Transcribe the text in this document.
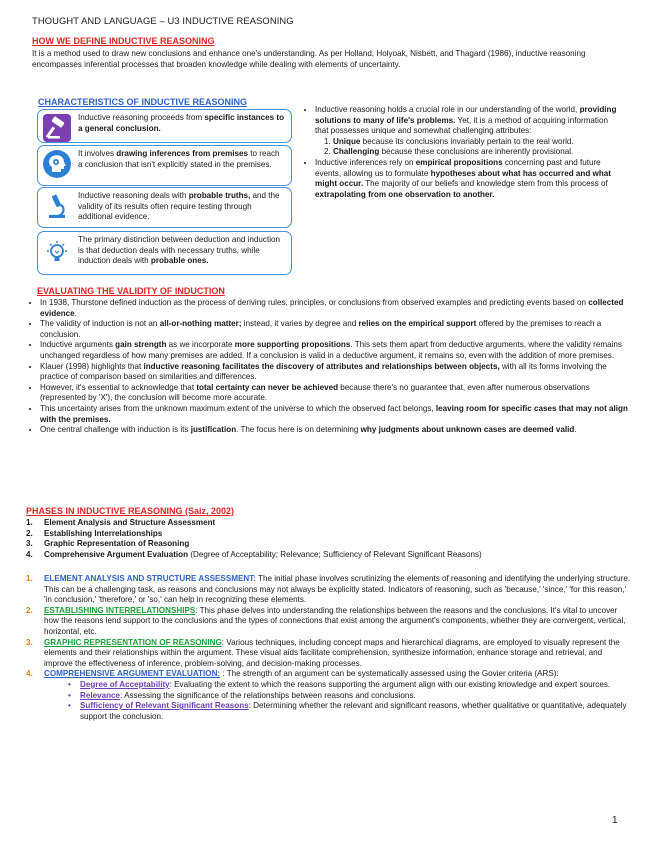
THOUGHT AND LANGUAGE – U3 INDUCTIVE REASONING
HOW WE DEFINE INDUCTIVE REASONING
It is a method used to draw new conclusions and enhance one's understanding. As per Holland, Holyoak, Nisbett, and Thagard (1986), inductive reasoning encompasses inferential processes that broaden knowledge while dealing with elements of uncertainty.
CHARACTERISTICS OF INDUCTIVE REASONING
Inductive reasoning proceeds from specific instances to a general conclusion.
It involves drawing inferences from premises to reach a conclusion that isn't explicitly stated in the premises.
Inductive reasoning deals with probable truths, and the validity of its results often require testing through additional evidence.
The primary distinction between deduction and induction is that deduction deals with necessary truths, while induction deals with probable ones.
• Inductive reasoning holds a crucial role in our understanding of the world, providing solutions to many of life's problems. Yet, it is a method of acquiring information that possesses unique and somewhat challenging attributes:
1. Unique because its conclusions invariably pertain to the real world.
2. Challenging because these conclusions are inherently provisional.
• Inductive inferences rely on empirical propositions concerning past and future events, allowing us to formulate hypotheses about what has occurred and what might occur. The majority of our beliefs and knowledge stem from this process of extrapolating from one observation to another.
EVALUATING THE VALIDITY OF INDUCTION
• In 1938, Thurstone defined induction as the process of deriving rules, principles, or conclusions from observed examples and predicting events based on collected evidence.
• The validity of induction is not an all-or-nothing matter; instead, it varies by degree and relies on the empirical support offered by the premises to reach a conclusion.
• Inductive arguments gain strength as we incorporate more supporting propositions. This sets them apart from deductive arguments, where the validity remains unchanged regardless of how many premises are added. If a conclusion is valid in a deductive argument, it remains so, even with the addition of more premises.
• Klauer (1998) highlights that inductive reasoning facilitates the discovery of attributes and relationships between objects, with all its forms involving the practice of comparison based on similarities and differences.
• However, it's essential to acknowledge that total certainty can never be achieved because there's no guarantee that, even after numerous observations (represented by 'X'), the conclusion will become more accurate.
• This uncertainty arises from the unknown maximum extent of the universe to which the observed fact belongs, leaving room for specific cases that may not align with the premises.
• One central challenge with induction is its justification. The focus here is on determining why judgments about unknown cases are deemed valid.
PHASES IN INDUCTIVE REASONING (Saiz, 2002)
1. Element Analysis and Structure Assessment
2. Establishing Interrelationships
3. Graphic Representation of Reasoning
4. Comprehensive Argument Evaluation (Degree of Acceptability; Relevance; Sufficiency of Relevant Significant Reasons)
1. ELEMENT ANALYSIS AND STRUCTURE ASSESSMENT: The initial phase involves scrutinizing the elements of reasoning and identifying the underlying structure. This can be a challenging task, as reasons and conclusions may not always be explicitly stated. Indicators of reasoning, such as 'because,' 'since,' 'for this reason,' 'in conclusion,' 'therefore,' or 'so,' can help in recognizing these elements.
2. ESTABLISHING INTERRELATIONSHIPS: This phase delves into understanding the relationships between the reasons and the conclusions. It's vital to uncover how the reasons lend support to the conclusions and the types of connections that exist among the argument's components, whether they are convergent, vertical, horizontal, etc.
3. GRAPHIC REPRESENTATION OF REASONING: Various techniques, including concept maps and hierarchical diagrams, are employed to visually represent the elements and their relationships within the argument. These visual aids facilitate comprehension, synthesize information, enhance storage and retrieval, and improve the effectiveness of inference, problem-solving, and decision-making processes.
4. COMPREHENSIVE ARGUMENT EVALUATION: : The strength of an argument can be systematically assessed using the Govier criteria (ARS):
• Degree of Acceptability: Evaluating the extent to which the reasons supporting the argument align with our existing knowledge and expert sources.
• Relevance: Assessing the significance of the relationships between reasons and conclusions.
• Sufficiency of Relevant Significant Reasons: Determining whether the relevant and significant reasons, whether qualitative or quantitative, adequately support the conclusion.
1
